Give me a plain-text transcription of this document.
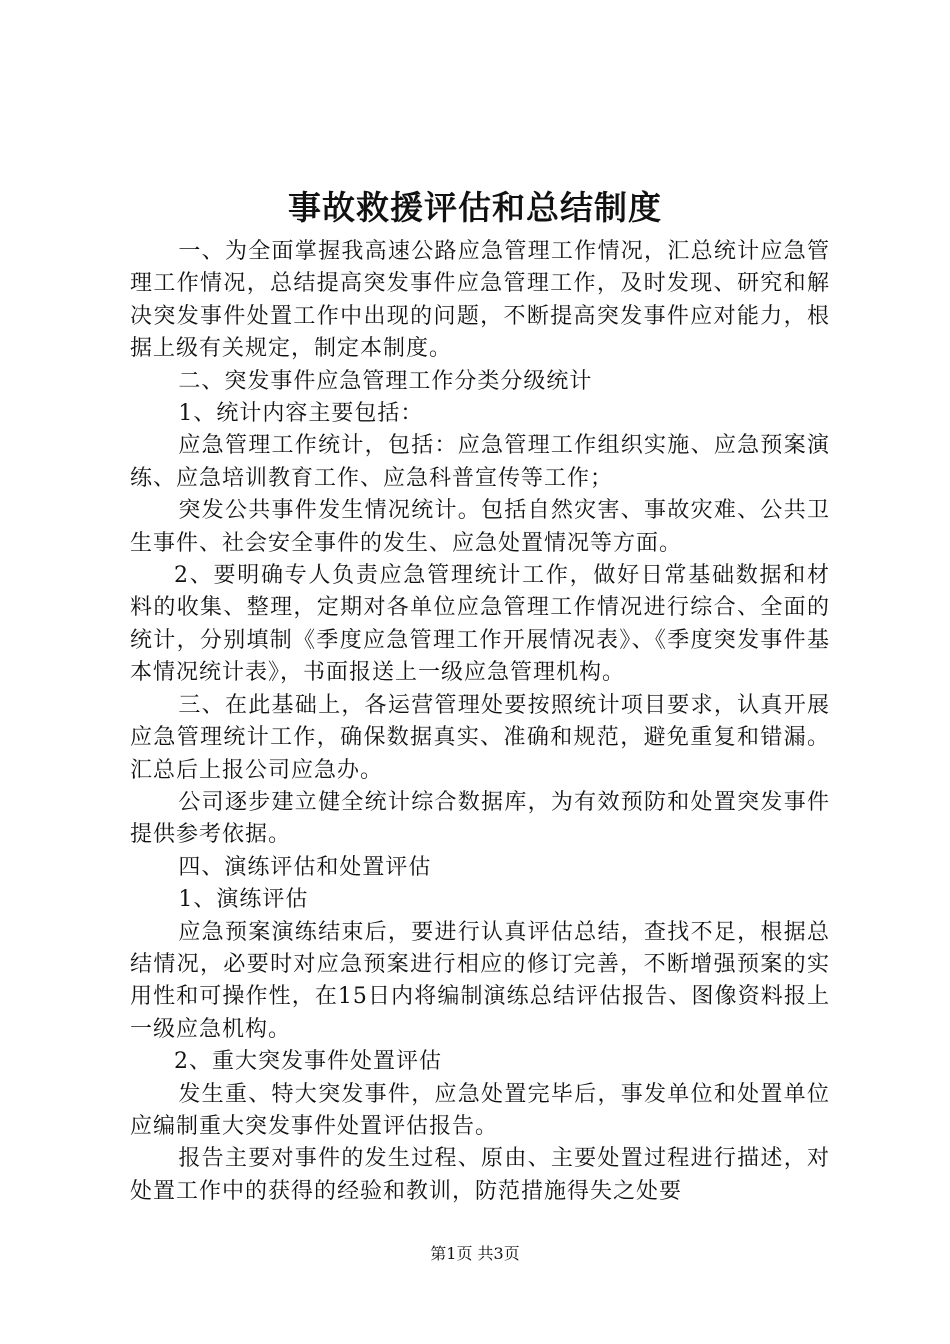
事故救援评估和总结制度

一、为全面掌握我高速公路应急管理工作情况，汇总统计应急管理工作情况，总结提高突发事件应急管理工作，及时发现、研究和解决突发事件处置工作中出现的问题，不断提高突发事件应对能力，根据上级有关规定，制定本制度。

二、突发事件应急管理工作分类分级统计

1、统计内容主要包括：

应急管理工作统计，包括：应急管理工作组织实施、应急预案演练、应急培训教育工作、应急科普宣传等工作；

突发公共事件发生情况统计。包括自然灾害、事故灾难、公共卫生事件、社会安全事件的发生、应急处置情况等方面。

2、要明确专人负责应急管理统计工作，做好日常基础数据和材料的收集、整理，定期对各单位应急管理工作情况进行综合、全面的统计，分别填制《季度应急管理工作开展情况表》、《季度突发事件基本情况统计表》，书面报送上一级应急管理机构。

三、在此基础上，各运营管理处要按照统计项目要求，认真开展应急管理统计工作，确保数据真实、准确和规范，避免重复和错漏。汇总后上报公司应急办。

公司逐步建立健全统计综合数据库，为有效预防和处置突发事件提供参考依据。

四、演练评估和处置评估

1、演练评估

应急预案演练结束后，要进行认真评估总结，查找不足，根据总结情况，必要时对应急预案进行相应的修订完善，不断增强预案的实用性和可操作性，在15日内将编制演练总结评估报告、图像资料报上一级应急机构。

2、重大突发事件处置评估

发生重、特大突发事件，应急处置完毕后，事发单位和处置单位应编制重大突发事件处置评估报告。

报告主要对事件的发生过程、原由、主要处置过程进行描述，对处置工作中的获得的经验和教训，防范措施得失之处要

第1页 共3页
